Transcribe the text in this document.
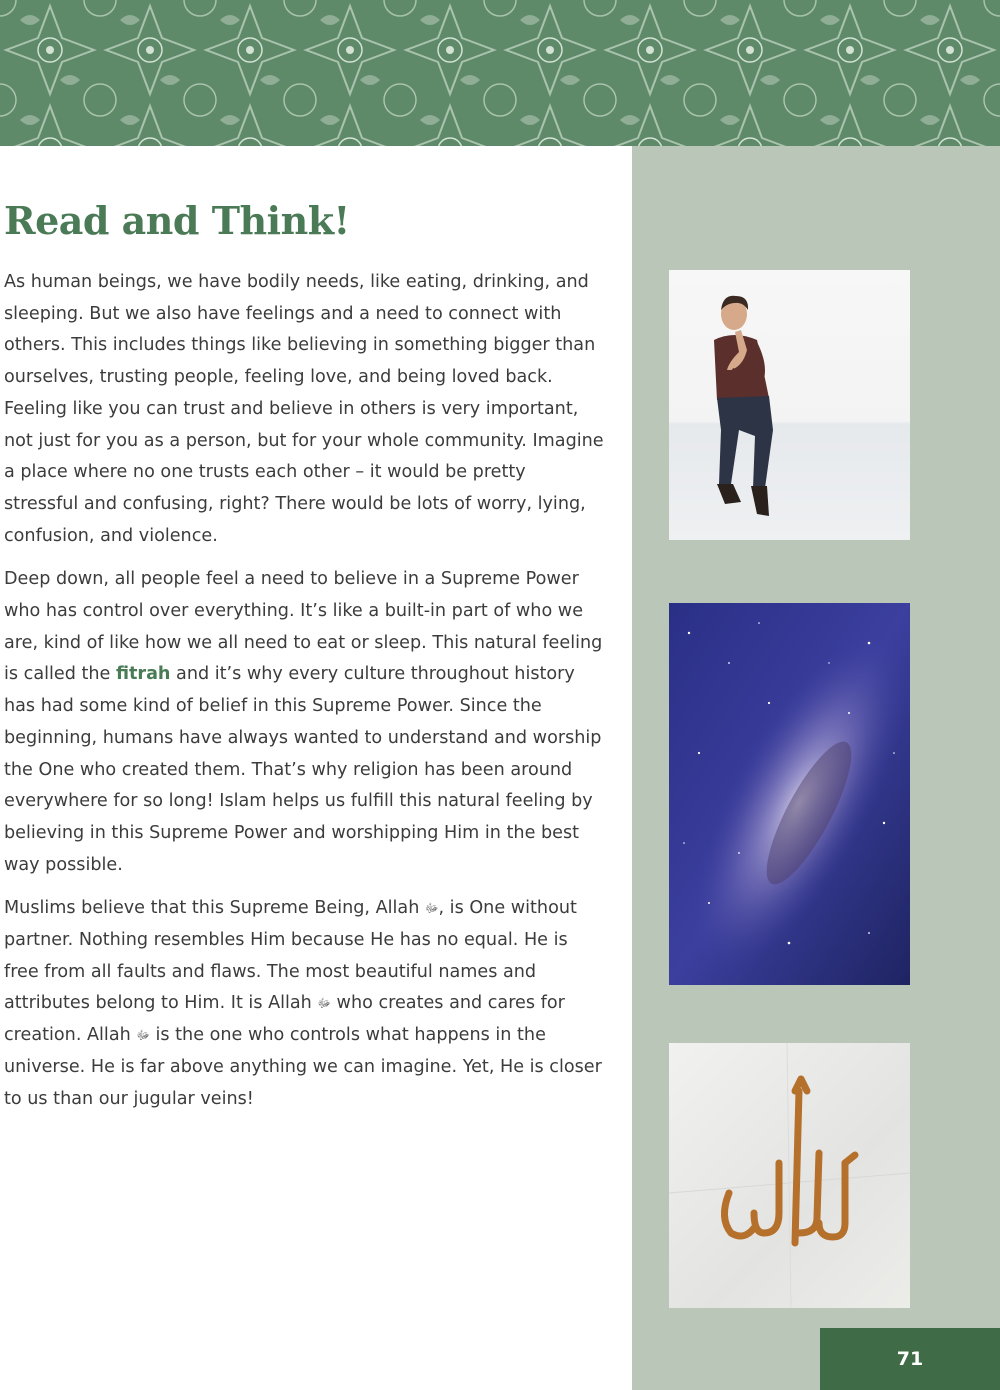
71
Read and Think!

As human beings, we have bodily needs, like eating, drinking, and sleeping. But we also have feelings and a need to connect with others. This includes things like believing in something bigger than ourselves, trusting people, feeling love, and being loved back. Feeling like you can trust and believe in others is very important, not just for you as a person, but for your whole community. Imagine a place where no one trusts each other – it would be pretty stressful and confusing, right? There would be lots of worry, lying, confusion, and violence.

Deep down, all people feel a need to believe in a Supreme Power who has control over everything. It’s like a built-in part of who we are, kind of like how we all need to eat or sleep. This natural feeling is called the fitrah and it’s why every culture throughout history has had some kind of belief in this Supreme Power. Since the beginning, humans have always wanted to understand and worship the One who created them. That’s why religion has been around everywhere for so long! Islam helps us fulfill this natural feeling by believing in this Supreme Power and worshipping Him in the best way possible.

Muslims believe that this Supreme Being, Allah ﷻ, is One without partner. Nothing resembles Him because He has no equal. He is free from all faults and flaws. The most beautiful names and attributes belong to Him. It is Allah ﷻ who creates and cares for creation. Allah ﷻ is the one who controls what happens in the universe. He is far above anything we can imagine. Yet, He is closer to us than our jugular veins!
